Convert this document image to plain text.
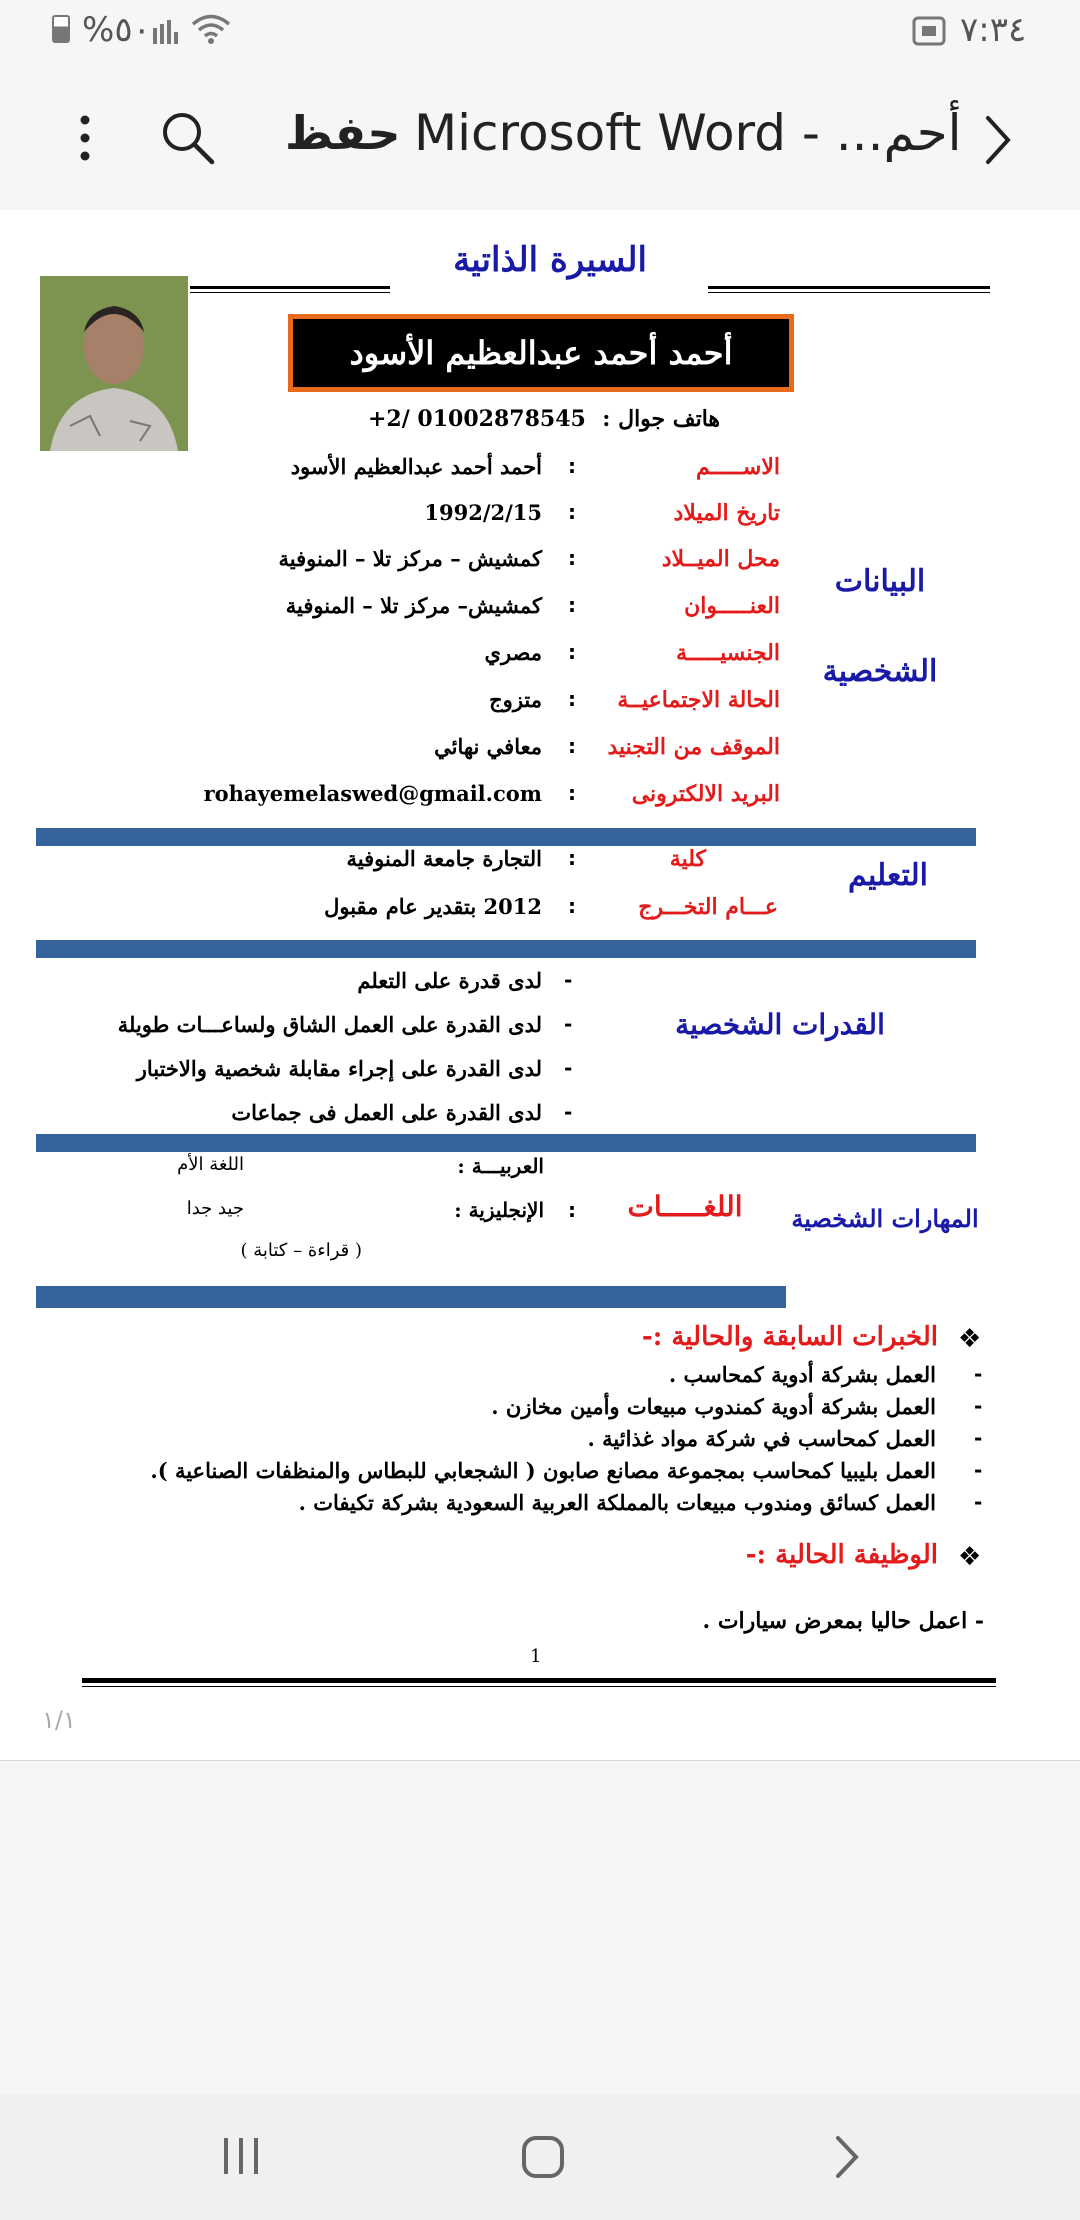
%٥٠	٧:٣٤
حفظ أحم... - Microsoft Word
السيرة الذاتية
أحمد أحمد عبدالعظيم الأسود
هاتف جوال :
+2/ 01002878545
البيانات
الشخصية
الاســـــم
:
أحمد أحمد عبدالعظيم الأسود
تاريخ الميلاد
:
1992/2/15
محل الميــلاد
:
كمشيش – مركز تلا – المنوفية
العنـــــوان
:
كمشيش– مركز تلا – المنوفية
الجنسيـــــة
:
مصري
الحالة الاجتماعيــة
:
متزوج
الموقف من التجنيد
:
معافي نهائي
البريد الالكترونى
:
rohayemelaswed@gmail.com
التعليم
كلية
:
التجارة جامعة المنوفية
عـــام التخـــرج
:
2012 بتقدير عام مقبول
القدرات الشخصية
-
لدى قدرة على التعلم
-
لدى القدرة على العمل الشاق ولساعـــات طويلة
-
لدى القدرة على إجراء مقابلة شخصية والاختبار
-
لدى القدرة على العمل فى جماعات
المهارات الشخصية
اللغـــــات
العربيـــة :
اللغة الأم
:
الإنجليزية :
جيد جدا
( قراءة – كتابة )
❖
الخبرات السابقة والحالية :-
-
العمل بشركة أدوية كمحاسب .
-
العمل بشركة أدوية كمندوب مبيعات وأمين مخازن .
-
العمل كمحاسب في شركة مواد غذائية .
-
العمل بليبيا كمحاسب بمجموعة مصانع صابون ( الشجعابي للبطاس والمنظفات الصناعية ).
-
العمل كسائق ومندوب مبيعات بالمملكة العربية السعودية بشركة تكيفات .
❖
الوظيفة الحالية :-
- اعمل حاليا بمعرض سيارات .
1
١/١
